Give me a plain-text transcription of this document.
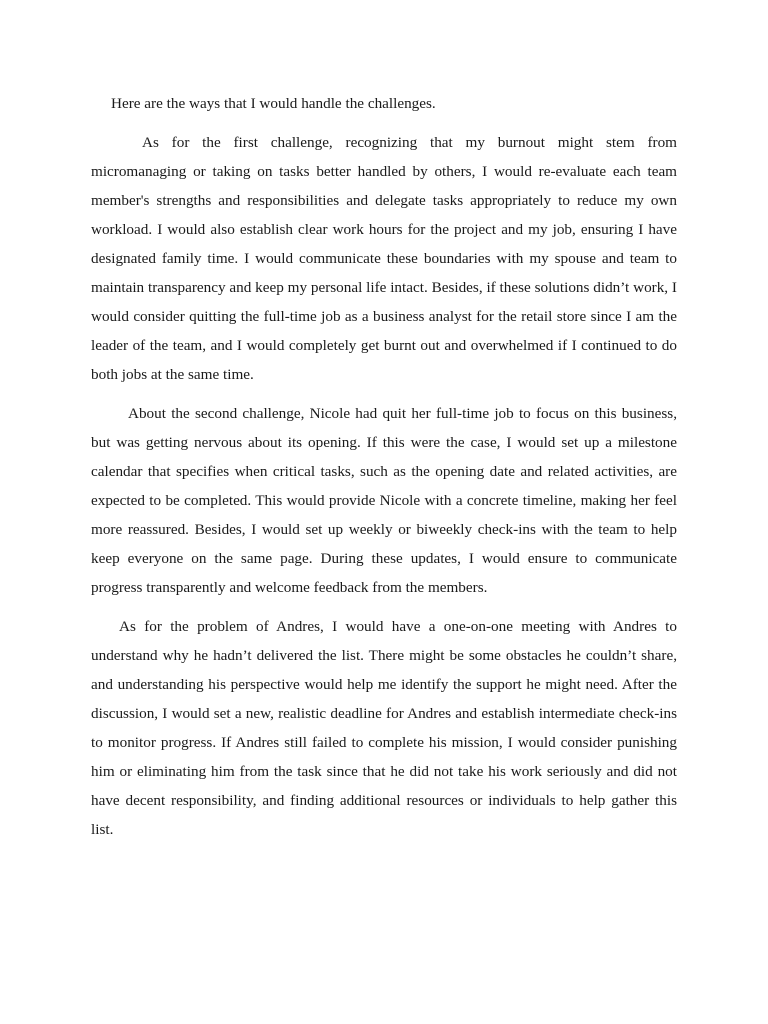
Here are the ways that I would handle the challenges.

As for the first challenge, recognizing that my burnout might stem from micromanaging or taking on tasks better handled by others, I would re-evaluate each team member's strengths and responsibilities and delegate tasks appropriately to reduce my own workload. I would also establish clear work hours for the project and my job, ensuring I have designated family time. I would communicate these boundaries with my spouse and team to maintain transparency and keep my personal life intact. Besides, if these solutions didn’t work, I would consider quitting the full-time job as a business analyst for the retail store since I am the leader of the team, and I would completely get burnt out and overwhelmed if I continued to do both jobs at the same time.

About the second challenge, Nicole had quit her full-time job to focus on this business, but was getting nervous about its opening. If this were the case, I would set up a milestone calendar that specifies when critical tasks, such as the opening date and related activities, are expected to be completed. This would provide Nicole with a concrete timeline, making her feel more reassured. Besides, I would set up weekly or biweekly check-ins with the team to help keep everyone on the same page. During these updates, I would ensure to communicate progress transparently and welcome feedback from the members.

As for the problem of Andres, I would have a one-on-one meeting with Andres to understand why he hadn’t delivered the list. There might be some obstacles he couldn’t share, and understanding his perspective would help me identify the support he might need. After the discussion, I would set a new, realistic deadline for Andres and establish intermediate check-ins to monitor progress. If Andres still failed to complete his mission, I would consider punishing him or eliminating him from the task since that he did not take his work seriously and did not have decent responsibility, and finding additional resources or individuals to help gather this list.
